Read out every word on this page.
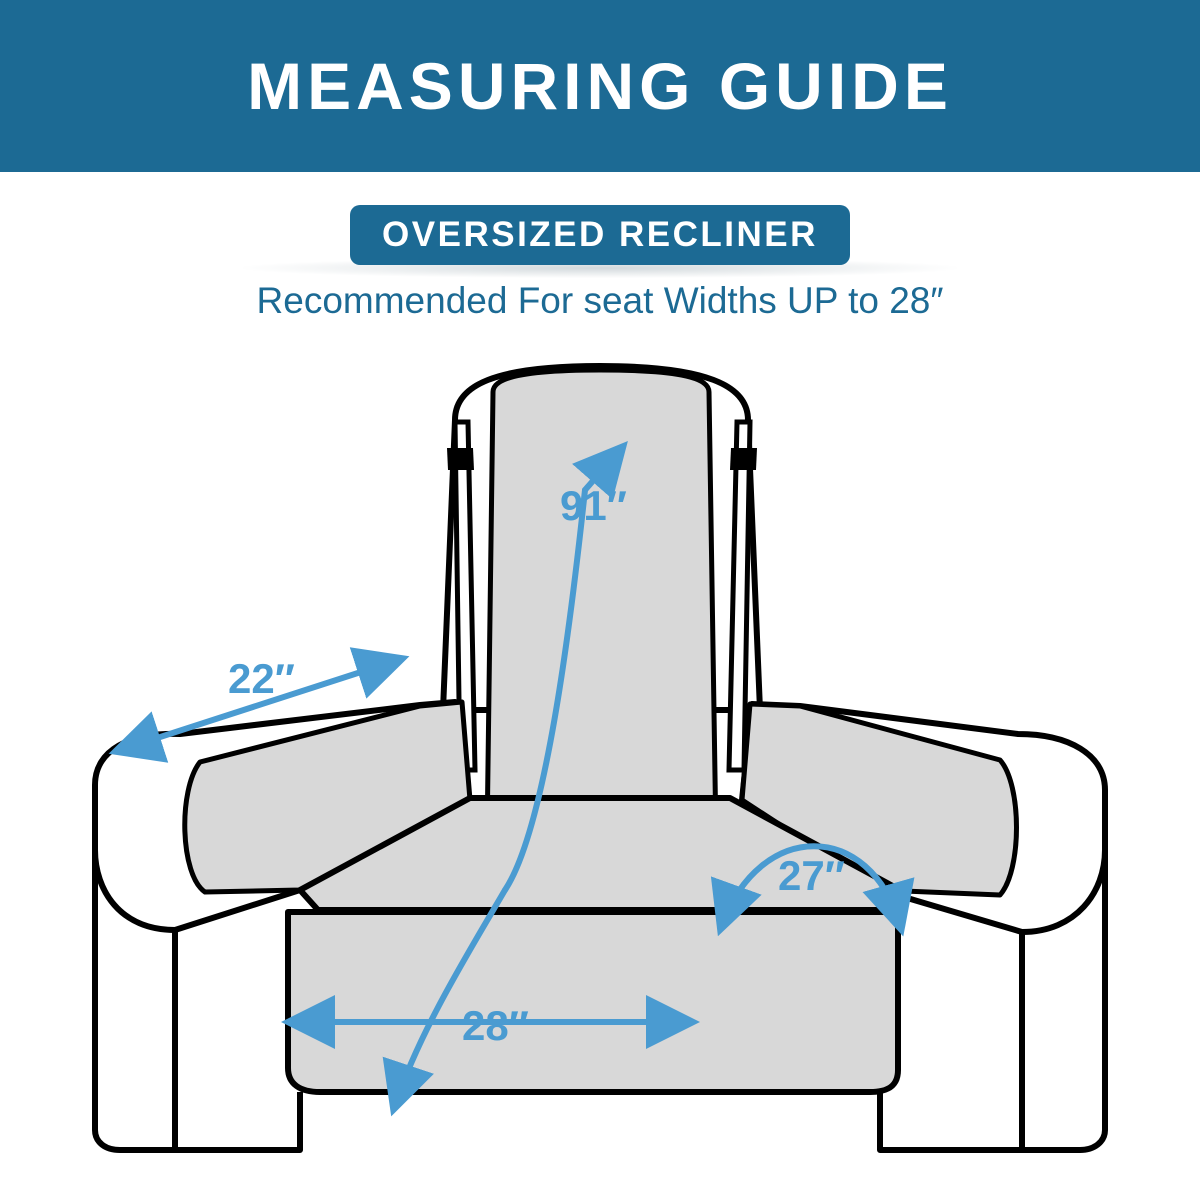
MEASURING GUIDE
OVERSIZED RECLINER
Recommended For seat Widths UP to 28″
91″
22″
27″
28″
